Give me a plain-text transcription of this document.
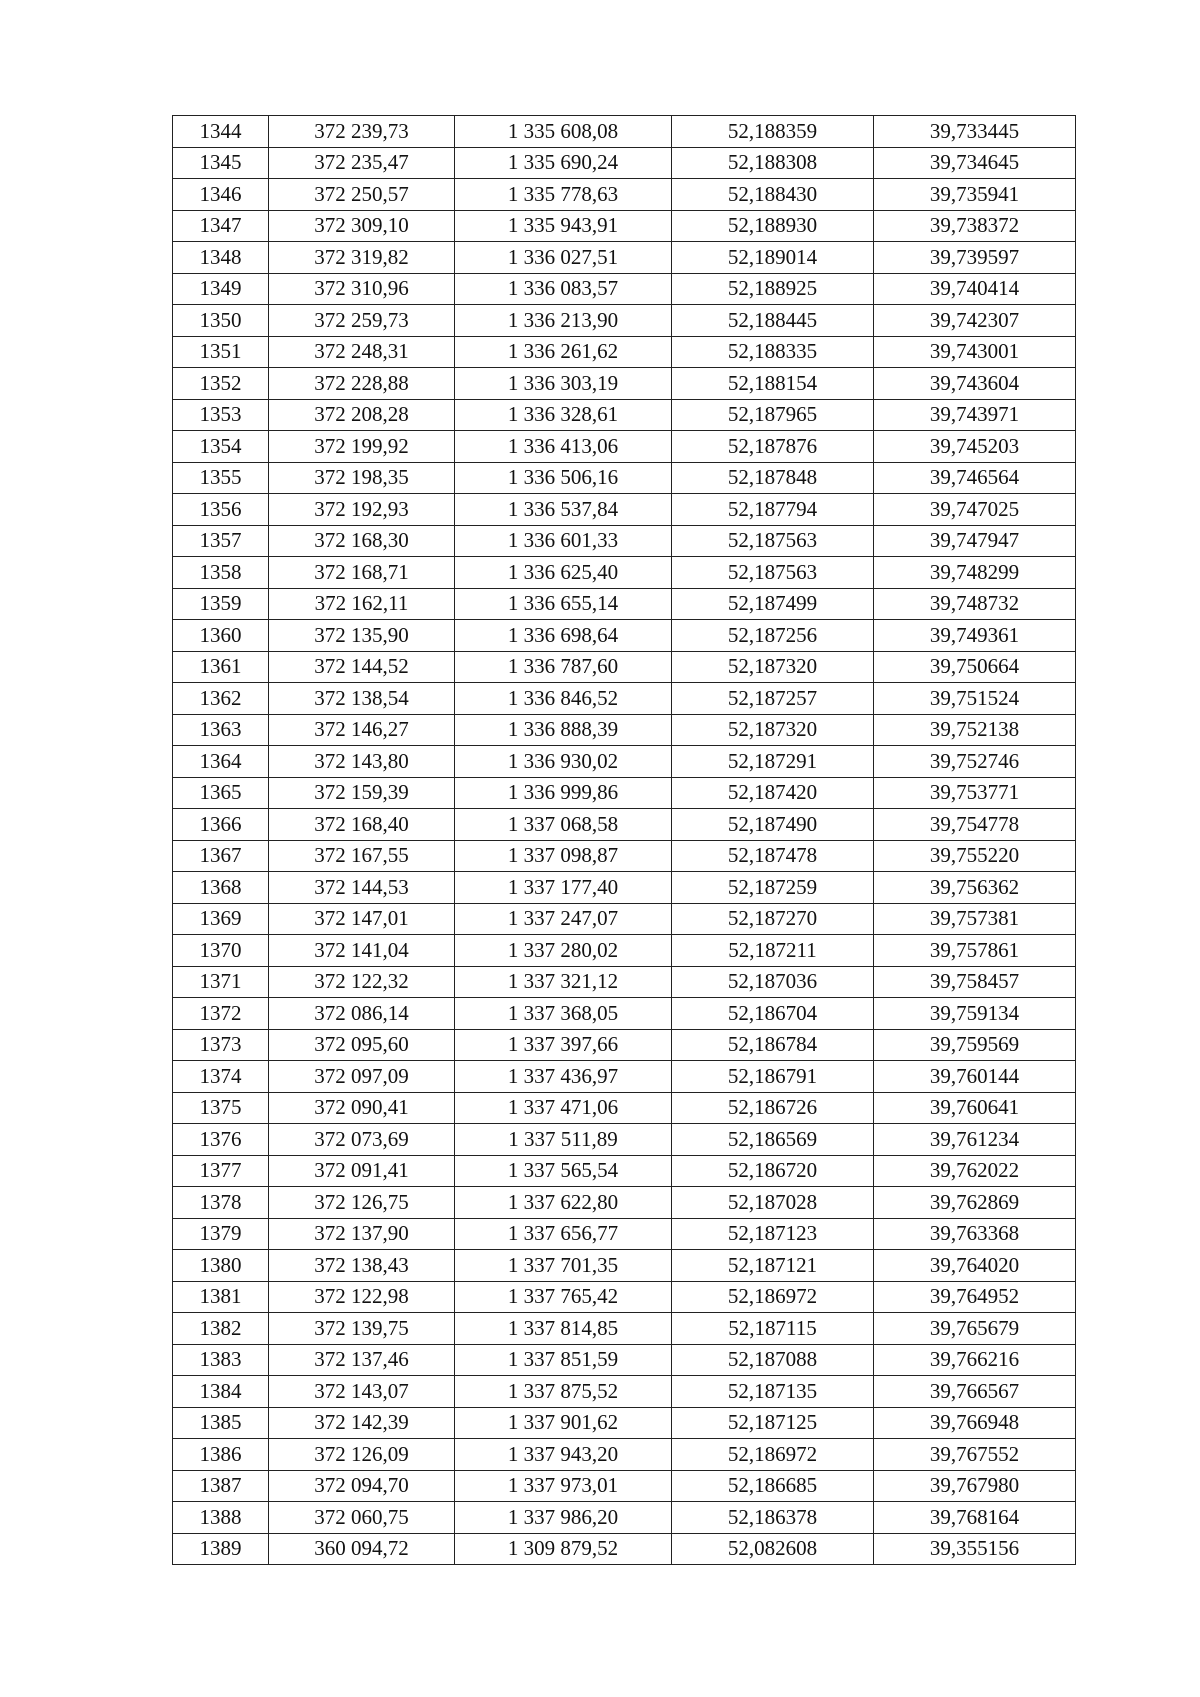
1344	372 239,73	1 335 608,08	52,188359	39,733445
1345	372 235,47	1 335 690,24	52,188308	39,734645
1346	372 250,57	1 335 778,63	52,188430	39,735941
1347	372 309,10	1 335 943,91	52,188930	39,738372
1348	372 319,82	1 336 027,51	52,189014	39,739597
1349	372 310,96	1 336 083,57	52,188925	39,740414
1350	372 259,73	1 336 213,90	52,188445	39,742307
1351	372 248,31	1 336 261,62	52,188335	39,743001
1352	372 228,88	1 336 303,19	52,188154	39,743604
1353	372 208,28	1 336 328,61	52,187965	39,743971
1354	372 199,92	1 336 413,06	52,187876	39,745203
1355	372 198,35	1 336 506,16	52,187848	39,746564
1356	372 192,93	1 336 537,84	52,187794	39,747025
1357	372 168,30	1 336 601,33	52,187563	39,747947
1358	372 168,71	1 336 625,40	52,187563	39,748299
1359	372 162,11	1 336 655,14	52,187499	39,748732
1360	372 135,90	1 336 698,64	52,187256	39,749361
1361	372 144,52	1 336 787,60	52,187320	39,750664
1362	372 138,54	1 336 846,52	52,187257	39,751524
1363	372 146,27	1 336 888,39	52,187320	39,752138
1364	372 143,80	1 336 930,02	52,187291	39,752746
1365	372 159,39	1 336 999,86	52,187420	39,753771
1366	372 168,40	1 337 068,58	52,187490	39,754778
1367	372 167,55	1 337 098,87	52,187478	39,755220
1368	372 144,53	1 337 177,40	52,187259	39,756362
1369	372 147,01	1 337 247,07	52,187270	39,757381
1370	372 141,04	1 337 280,02	52,187211	39,757861
1371	372 122,32	1 337 321,12	52,187036	39,758457
1372	372 086,14	1 337 368,05	52,186704	39,759134
1373	372 095,60	1 337 397,66	52,186784	39,759569
1374	372 097,09	1 337 436,97	52,186791	39,760144
1375	372 090,41	1 337 471,06	52,186726	39,760641
1376	372 073,69	1 337 511,89	52,186569	39,761234
1377	372 091,41	1 337 565,54	52,186720	39,762022
1378	372 126,75	1 337 622,80	52,187028	39,762869
1379	372 137,90	1 337 656,77	52,187123	39,763368
1380	372 138,43	1 337 701,35	52,187121	39,764020
1381	372 122,98	1 337 765,42	52,186972	39,764952
1382	372 139,75	1 337 814,85	52,187115	39,765679
1383	372 137,46	1 337 851,59	52,187088	39,766216
1384	372 143,07	1 337 875,52	52,187135	39,766567
1385	372 142,39	1 337 901,62	52,187125	39,766948
1386	372 126,09	1 337 943,20	52,186972	39,767552
1387	372 094,70	1 337 973,01	52,186685	39,767980
1388	372 060,75	1 337 986,20	52,186378	39,768164
1389	360 094,72	1 309 879,52	52,082608	39,355156
